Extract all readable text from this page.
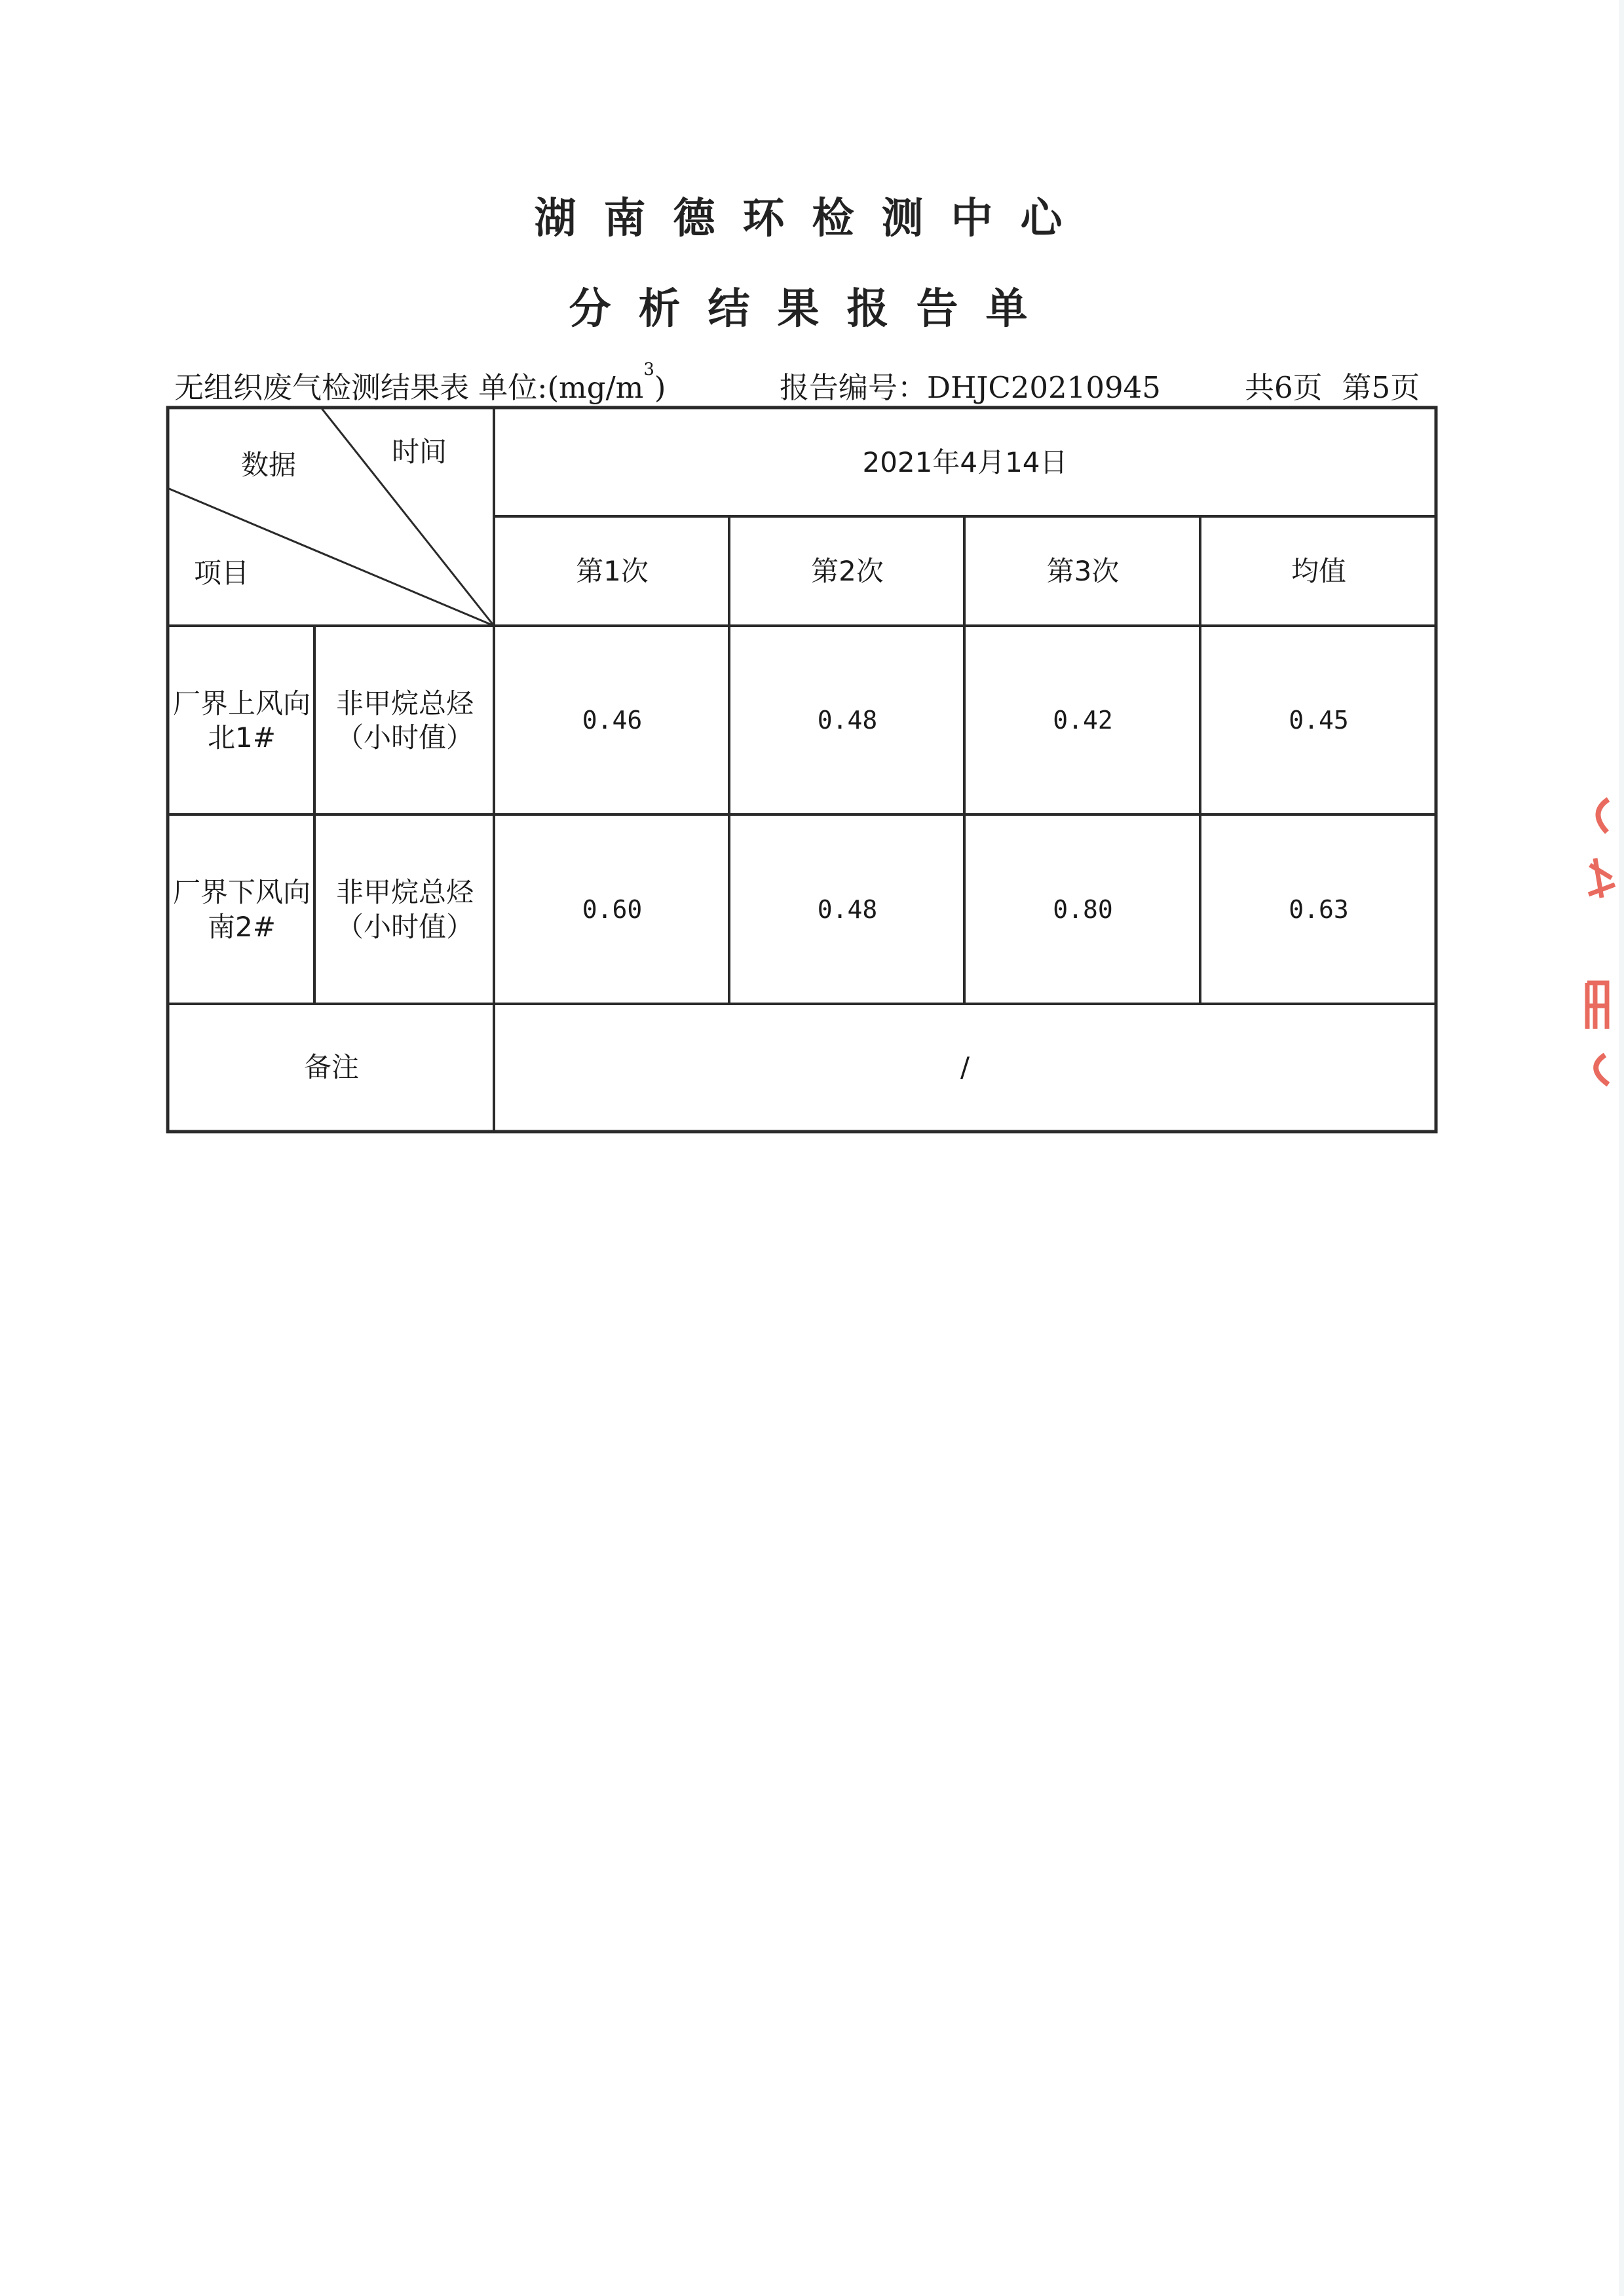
湖南德环检测中心
分析结果报告单
无组织废气检测结果表 单位$:(mg/m^3)$	报告编号：DHJC20210945	共6页 第5页
数据	时间
项目
2021年4月14日
第1次	第2次	第3次	均值
厂界上风向
北1#
非甲烷总烃
（小时值）
0.46	0.48	0.42	0.45
厂界下风向
南2#
非甲烷总烃
（小时值）
0.60	0.48	0.80	0.63
备注	/
